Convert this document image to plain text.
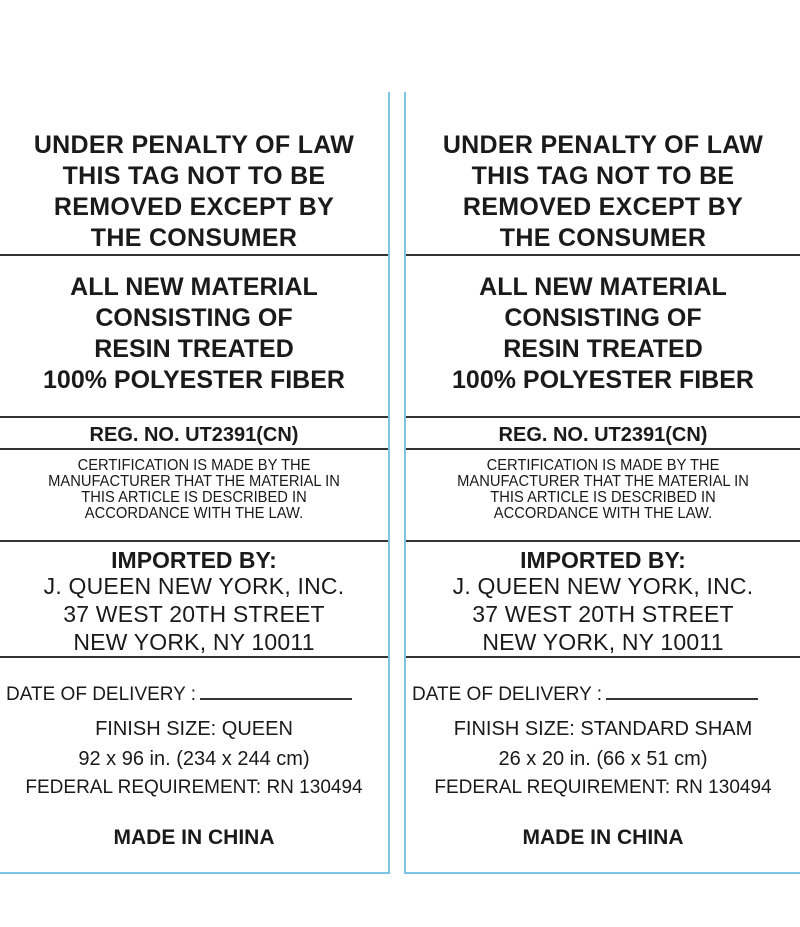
UNDER PENALTY OF LAW
THIS TAG NOT TO BE
REMOVED EXCEPT BY
THE CONSUMER
ALL NEW MATERIAL
CONSISTING OF
RESIN TREATED
100% POLYESTER FIBER
REG. NO. UT2391(CN)
CERTIFICATION IS MADE BY THE
MANUFACTURER THAT THE MATERIAL IN
THIS ARTICLE IS DESCRIBED IN
ACCORDANCE WITH THE LAW.
IMPORTED BY:
J. QUEEN NEW YORK, INC.
37 WEST 20TH STREET
NEW YORK, NY 10011
DATE OF DELIVERY :
FINISH SIZE: QUEEN
92 x 96 in. (234 x 244 cm)
FEDERAL REQUIREMENT: RN 130494
MADE IN CHINA
UNDER PENALTY OF LAW
THIS TAG NOT TO BE
REMOVED EXCEPT BY
THE CONSUMER
ALL NEW MATERIAL
CONSISTING OF
RESIN TREATED
100% POLYESTER FIBER
REG. NO. UT2391(CN)
CERTIFICATION IS MADE BY THE
MANUFACTURER THAT THE MATERIAL IN
THIS ARTICLE IS DESCRIBED IN
ACCORDANCE WITH THE LAW.
IMPORTED BY:
J. QUEEN NEW YORK, INC.
37 WEST 20TH STREET
NEW YORK, NY 10011
DATE OF DELIVERY :
FINISH SIZE: STANDARD SHAM
26 x 20 in. (66 x 51 cm)
FEDERAL REQUIREMENT: RN 130494
MADE IN CHINA
